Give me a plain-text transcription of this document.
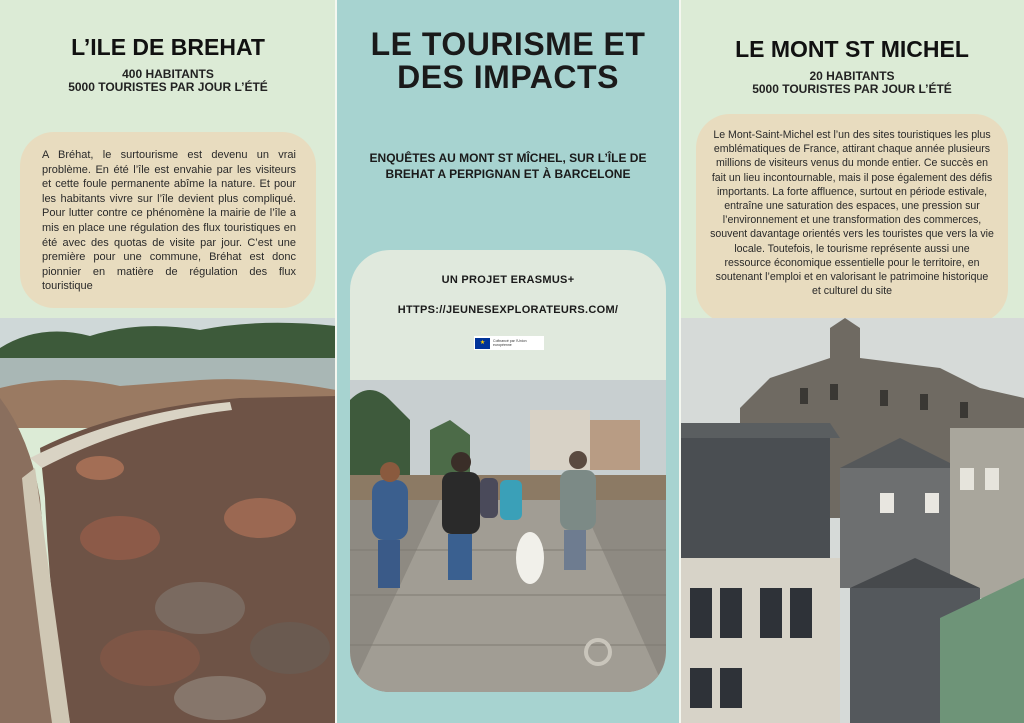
L’ILE DE BREHAT
400 HABITANTS
5000 TOURISTES PAR JOUR L’ÉTÉ

A Bréhat, le surtourisme est devenu un vrai problème. En été l’île est envahie par les visiteurs et cette foule permanente abîme la nature. Et pour les habitants vivre sur l’île devient plus compliqué. Pour lutter contre ce phénomène la mairie de l’île a mis en place une régulation des flux touristiques en été avec des quotas de visite par jour. C’est une première pour une commune, Bréhat est donc pionnier en matière de régulation des flux touristique

LE TOURISME ET DES IMPACTS
ENQUÊTES AU MONT ST MÎCHEL, SUR L’ÎLE DE BREHAT A PERPIGNAN ET À BARCELONE
UN PROJET ERASMUS+
HTTPS://JEUNESEXPLORATEURS.COM/
★	Cofinancé par l’Union européenne
LE MONT ST MICHEL
20 HABITANTS
5000 TOURISTES PAR JOUR L’ÉTÉ

Le Mont-Saint-Michel est l’un des sites touristiques les plus emblématiques de France, attirant chaque année plusieurs millions de visiteurs venus du monde entier. Ce succès en fait un lieu incontournable, mais il pose également des défis importants. La forte affluence, surtout en période estivale, entraîne une saturation des espaces, une pression sur l’environnement et une transformation des commerces, souvent davantage orientés vers les touristes que vers la vie locale. Toutefois, le tourisme représente aussi une ressource économique essentielle pour le territoire, en soutenant l’emploi et en valorisant le patrimoine historique et culturel du site
